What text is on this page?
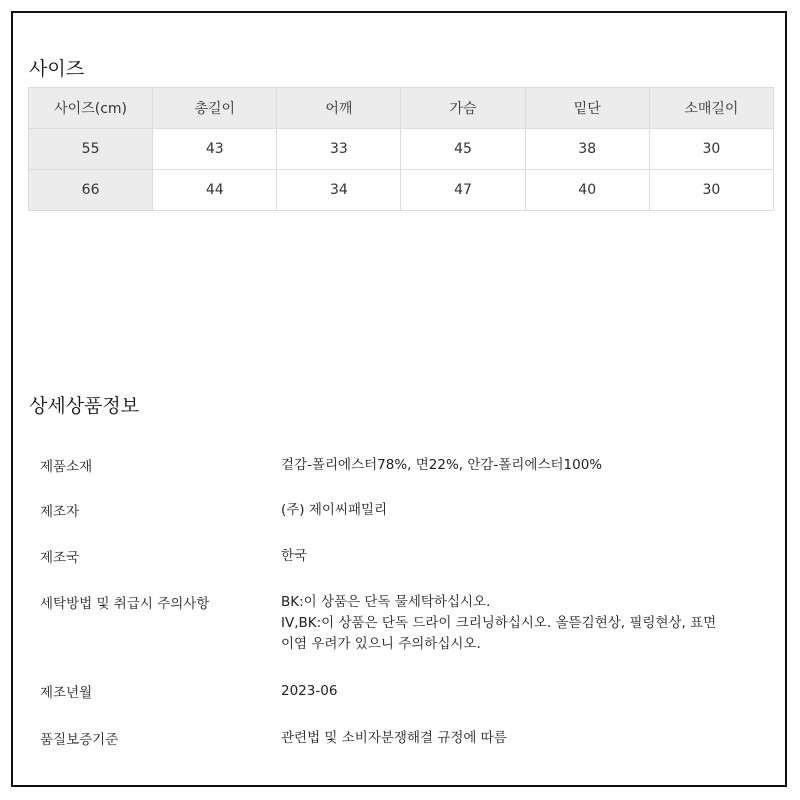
사이즈
사이즈(cm)	총길이	어깨	가슴	밑단	소매길이
55	43	33	45	38	30
66	44	34	47	40	30
상세상품정보
제품소재	겉감-폴리에스터78%, 면22%, 안감-폴리에스터100%
제조자	(주) 제이씨패밀리
제조국	한국
세탁방법 및 취급시 주의사항	BK:이 상품은 단독 물세탁하십시오.
IV,BK:이 상품은 단독 드라이 크리닝하십시오. 올뜯김현상, 필링현상, 표면
이염 우려가 있으니 주의하십시오.
제조년월	2023-06
품질보증기준	관련법 및 소비자분쟁해결 규정에 따름
